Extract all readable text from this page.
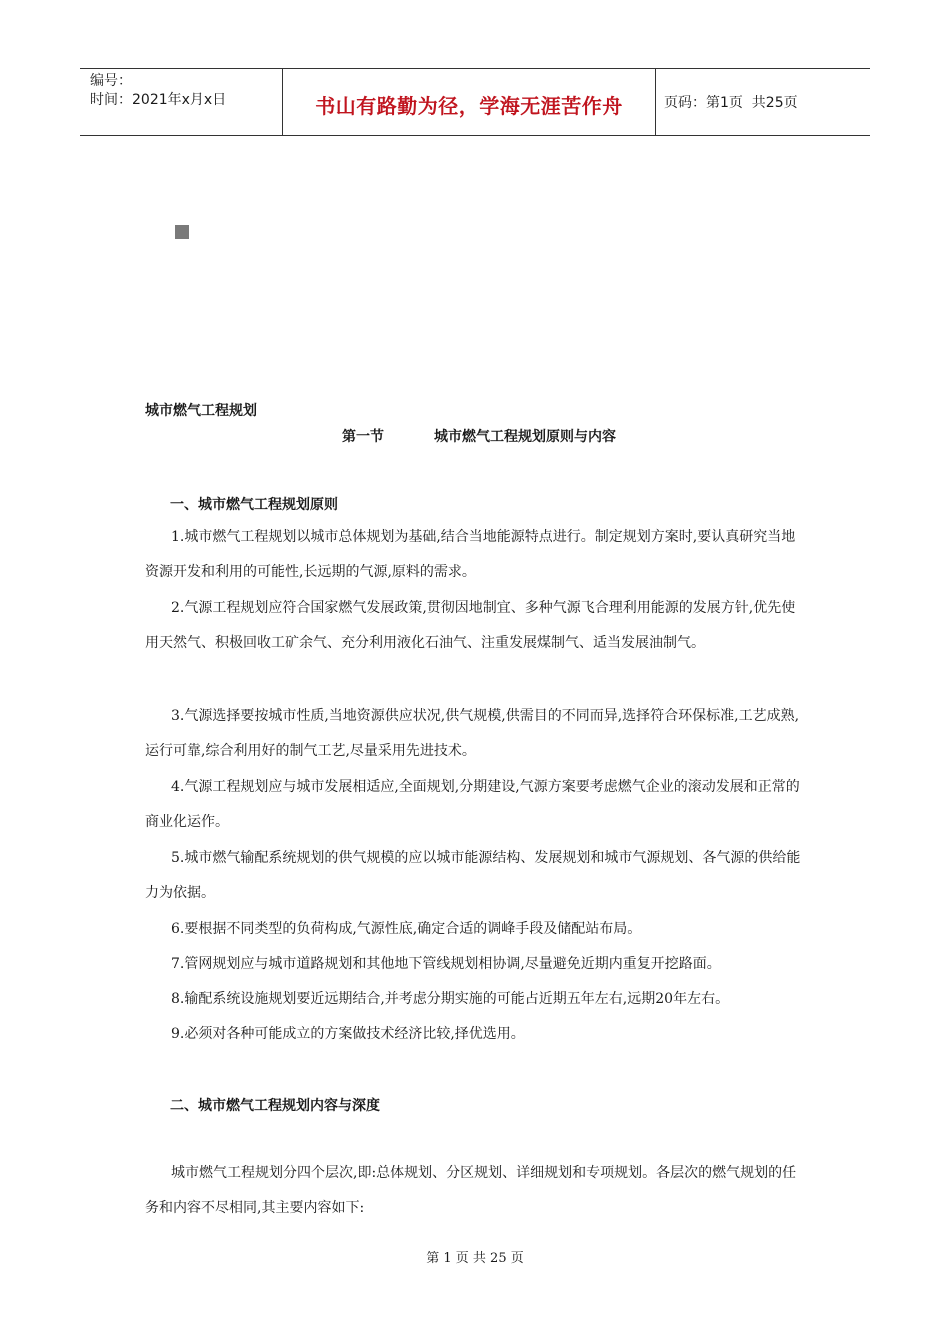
编号：
时间：2021年x月x日	书山有路勤为径，学海无涯苦作舟	页码：第1页  共25页
城市燃气工程规划
第一节	城市燃气工程规划原则与内容
一、城市燃气工程规划原则

1.城市燃气工程规划以城市总体规划为基础,结合当地能源特点进行。制定规划方案时,要认真研究当地资源开发和利用的可能性,长远期的气源,原料的需求。

2.气源工程规划应符合国家燃气发展政策,贯彻因地制宜、多种气源飞合理利用能源的发展方针,优先使用天然气、积极回收工矿余气、充分利用液化石油气、注重发展煤制气、适当发展油制气。

3.气源选择要按城市性质,当地资源供应状况,供气规模,供需目的不同而异,选择符合环保标准,工艺成熟,运行可靠,综合利用好的制气工艺,尽量采用先进技术。

4.气源工程规划应与城市发展相适应,全面规划,分期建设,气源方案要考虑燃气企业的滚动发展和正常的商业化运作。

5.城市燃气输配系统规划的供气规模的应以城市能源结构、发展规划和城市气源规划、各气源的供给能力为依据。

6.要根据不同类型的负荷构成,气源性底,确定合适的调峰手段及储配站布局。

7.管网规划应与城市道路规划和其他地下管线规划相协调,尽量避免近期内重复开挖路面。

8.输配系统设施规划要近远期结合,并考虑分期实施的可能占近期五年左右,远期20年左右。

9.必须对各种可能成立的方案做技术经济比较,择优选用。

二、城市燃气工程规划内容与深度

城市燃气工程规划分四个层次,即:总体规划、分区规划、详细规划和专项规划。各层次的燃气规划的任务和内容不尽相同,其主要内容如下:

第 1 页 共 25 页
